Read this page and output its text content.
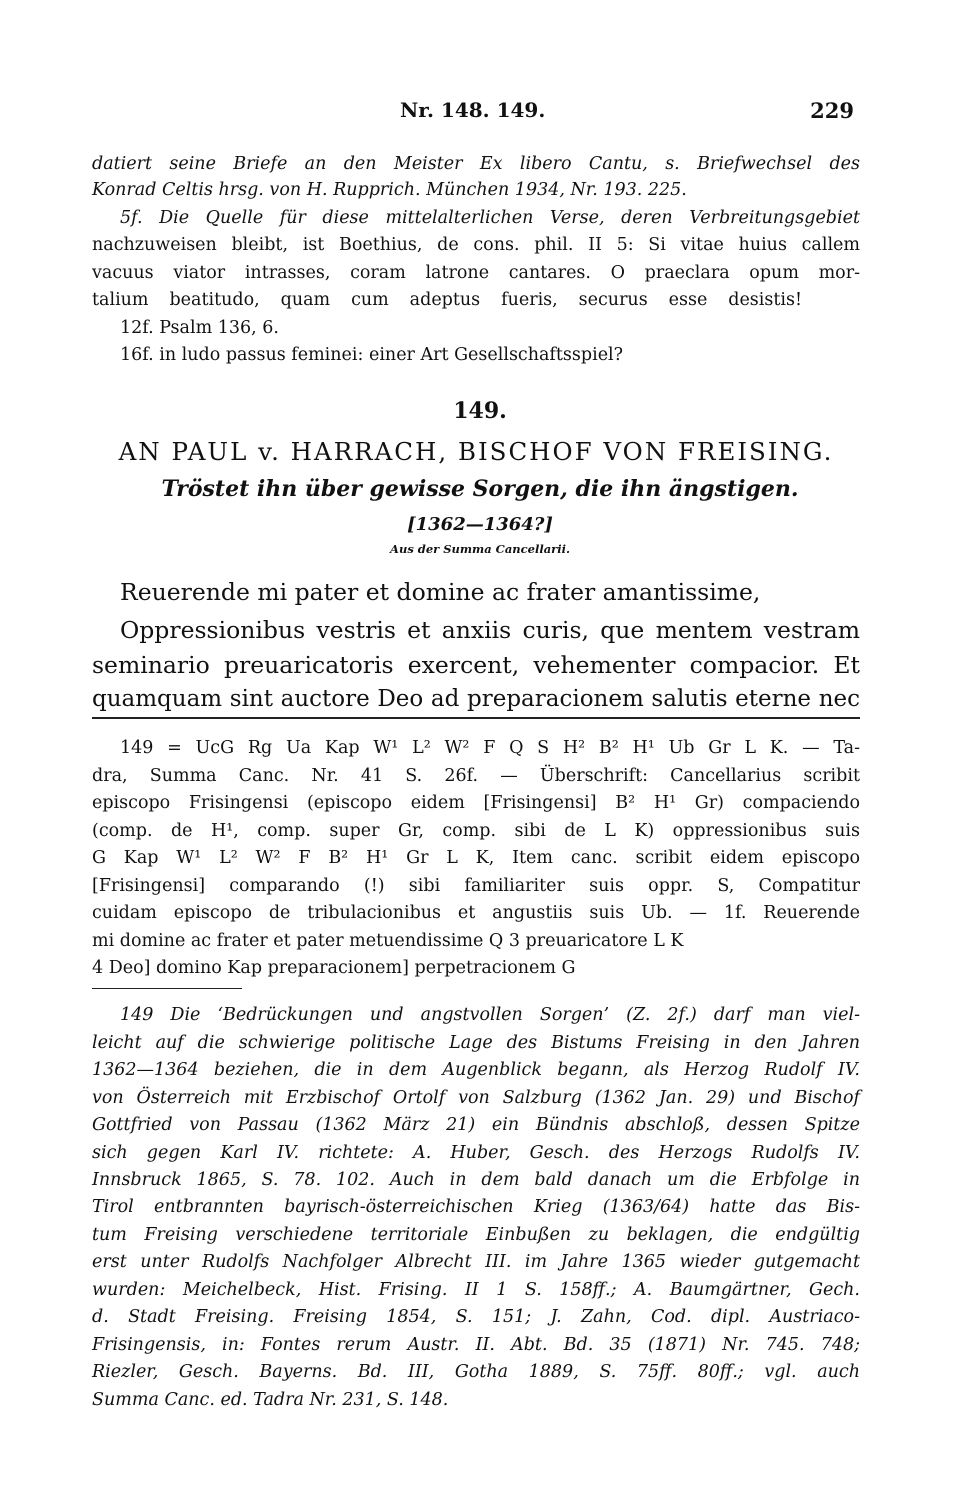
Nr. 148. 149.	229
datiert seine Briefe an den Meister Ex libero Cantu, s. Briefwechsel des
Konrad Celtis hrsg. von H. Rupprich. München 1934, Nr. 193. 225.
5f. Die Quelle für diese mittelalterlichen Verse, deren Verbreitungsgebiet
nachzuweisen bleibt, ist Boethius, de cons. phil. II 5: Si vitae huius callem
vacuus viator intrasses, coram latrone cantares. O praeclara opum mor-
talium beatitudo, quam cum adeptus fueris, securus esse desistis!
12f. Psalm 136, 6.
16f. in ludo passus feminei: einer Art Gesellschaftsspiel?
149.
AN PAUL v. HARRACH, BISCHOF VON FREISING.
Tröstet ihn über gewisse Sorgen, die ihn ängstigen.
[1362—1364?]
Aus der Summa Cancellarii.
Reuerende mi pater et domine ac frater amantissime,
Oppressionibus vestris et anxiis curis, que mentem vestram
seminario preuaricatoris exercent, vehementer compacior. Et
quamquam sint auctore Deo ad preparacionem salutis eterne nec
149 = UcG Rg Ua Kap W¹ L² W² F Q S H² B² H¹ Ub Gr L K. — Ta-
dra, Summa Canc. Nr. 41 S. 26f. — Überschrift: Cancellarius scribit
episcopo Frisingensi (episcopo eidem [Frisingensi] B² H¹ Gr) compaciendo
(comp. de H¹, comp. super Gr, comp. sibi de L K) oppressionibus suis
G Kap W¹ L² W² F B² H¹ Gr L K, Item canc. scribit eidem episcopo
[Frisingensi] comparando (!) sibi familiariter suis oppr. S, Compatitur
cuidam episcopo de tribulacionibus et angustiis suis Ub. — 1f. Reuerende
mi domine ac frater et pater metuendissime Q 3 preuaricatore L K
4 Deo] domino Kap preparacionem] perpetracionem G
149 Die ‘Bedrückungen und angstvollen Sorgen’ (Z. 2f.) darf man viel-
leicht auf die schwierige politische Lage des Bistums Freising in den Jahren
1362—1364 beziehen, die in dem Augenblick begann, als Herzog Rudolf IV.
von Österreich mit Erzbischof Ortolf von Salzburg (1362 Jan. 29) und Bischof
Gottfried von Passau (1362 März 21) ein Bündnis abschloß, dessen Spitze
sich gegen Karl IV. richtete: A. Huber, Gesch. des Herzogs Rudolfs IV.
Innsbruck 1865, S. 78. 102. Auch in dem bald danach um die Erbfolge in
Tirol entbrannten bayrisch-österreichischen Krieg (1363/64) hatte das Bis-
tum Freising verschiedene territoriale Einbußen zu beklagen, die endgültig
erst unter Rudolfs Nachfolger Albrecht III. im Jahre 1365 wieder gutgemacht
wurden: Meichelbeck, Hist. Frising. II 1 S. 158ff.; A. Baumgärtner, Gech.
d. Stadt Freising. Freising 1854, S. 151; J. Zahn, Cod. dipl. Austriaco-
Frisingensis, in: Fontes rerum Austr. II. Abt. Bd. 35 (1871) Nr. 745. 748;
Riezler, Gesch. Bayerns. Bd. III, Gotha 1889, S. 75ff. 80ff.; vgl. auch
Summa Canc. ed. Tadra Nr. 231, S. 148.
